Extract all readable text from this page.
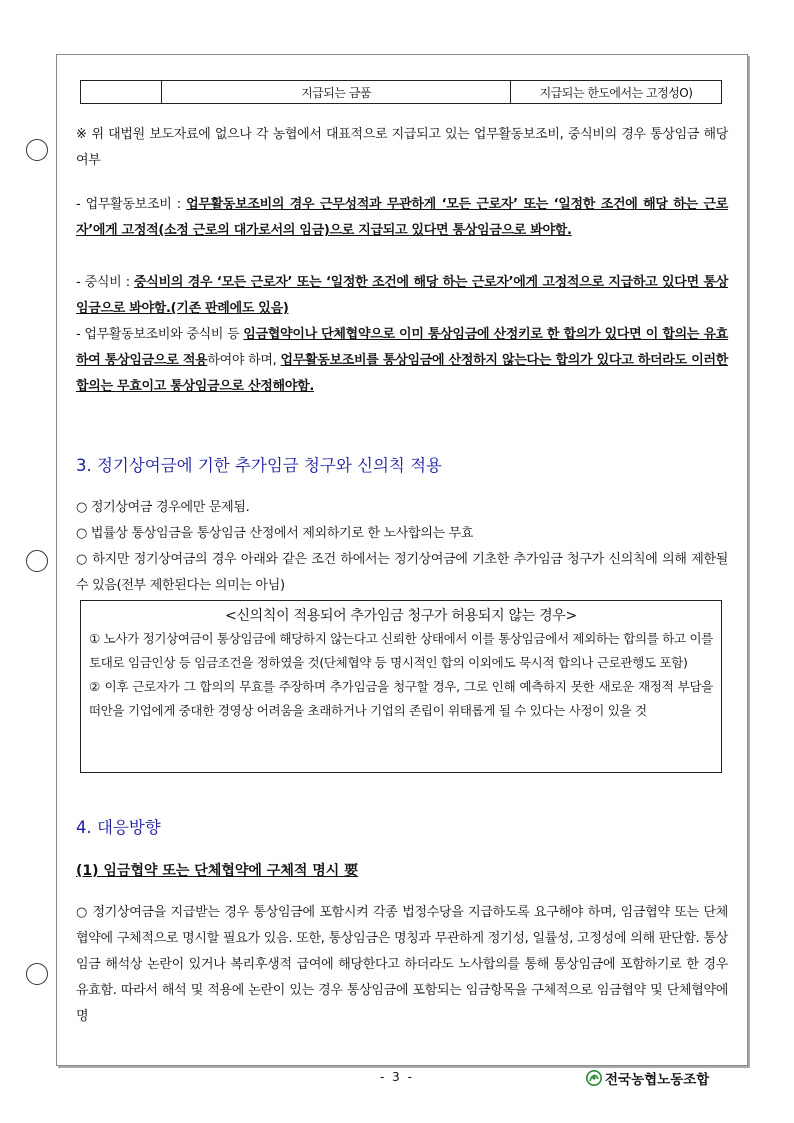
지급되는 금품	지급되는 한도에서는 고정성O)
※ 위 대법원 보도자료에 없으나 각 농협에서 대표적으로 지급되고 있는 업무활동보조비, 중식비의 경우 통상임금 해당 여부
- 업무활동보조비 : 업무활동보조비의 경우 근무성적과 무관하게 ‘모든 근로자’ 또는 ‘일정한 조건에 해당 하는 근로자’에게 고정적(소정 근로의 대가로서의 임금)으로 지급되고 있다면 통상임금으로 봐야함.
- 중식비 : 중식비의 경우 ‘모든 근로자’ 또는 ‘일정한 조건에 해당 하는 근로자’에게 고정적으로 지급하고 있다면 통상임금으로 봐야함.(기존 판례에도 있음)
- 업무활동보조비와 중식비 등 임금협약이나 단체협약으로 이미 통상임금에 산정키로 한 합의가 있다면 이 합의는 유효하여 통상임금으로 적용하여야 하며, 업무활동보조비를 통상임금에 산정하지 않는다는 합의가 있다고 하더라도 이러한 합의는 무효이고 통상임금으로 산정해야함.
3. 정기상여금에 기한 추가임금 청구와 신의칙 적용
○ 정기상여금 경우에만 문제됨.
○ 법률상 통상임금을 통상임금 산정에서 제외하기로 한 노사합의는 무효
○ 하지만 정기상여금의 경우 아래와 같은 조건 하에서는 정기상여금에 기초한 추가임금 청구가 신의칙에 의해 제한될 수 있음(전부 제한된다는 의미는 아님)
4. 대응방향
(1) 임금협약 또는 단체협약에 구체적 명시 要
○ 정기상여금을 지급받는 경우 통상임금에 포함시켜 각종 법정수당을 지급하도록 요구해야 하며, 임금협약 또는 단체협약에 구체적으로 명시할 필요가 있음. 또한, 통상임금은 명칭과 무관하게 정기성, 일률성, 고정성에 의해 판단함. 통상임금 해석상 논란이 있거나 복리후생적 급여에 해당한다고 하더라도 노사합의를 통해 통상임금에 포함하기로 한 경우 유효함. 따라서 해석 및 적용에 논란이 있는 경우 통상임금에 포함되는 임금항목을 구체적으로 임금협약 및 단체협약에 명
<신의칙이 적용되어 추가임금 청구가 허용되지 않는 경우>
① 노사가 정기상여금이 통상임금에 해당하지 않는다고 신뢰한 상태에서 이를 통상임금에서 제외하는 합의를 하고 이를 토대로 임금인상 등 임금조건을 정하였을 것(단체협약 등 명시적인 합의 이외에도 묵시적 합의나 근로관행도 포함)
② 이후 근로자가 그 합의의 무효를 주장하며 추가임금을 청구할 경우, 그로 인해 예측하지 못한 새로운 재정적 부담을 떠안을 기업에게 중대한 경영상 어려움을 초래하거나 기업의 존립이 위태롭게 될 수 있다는 사정이 있을 것
- 3 -	전국농협노동조합
